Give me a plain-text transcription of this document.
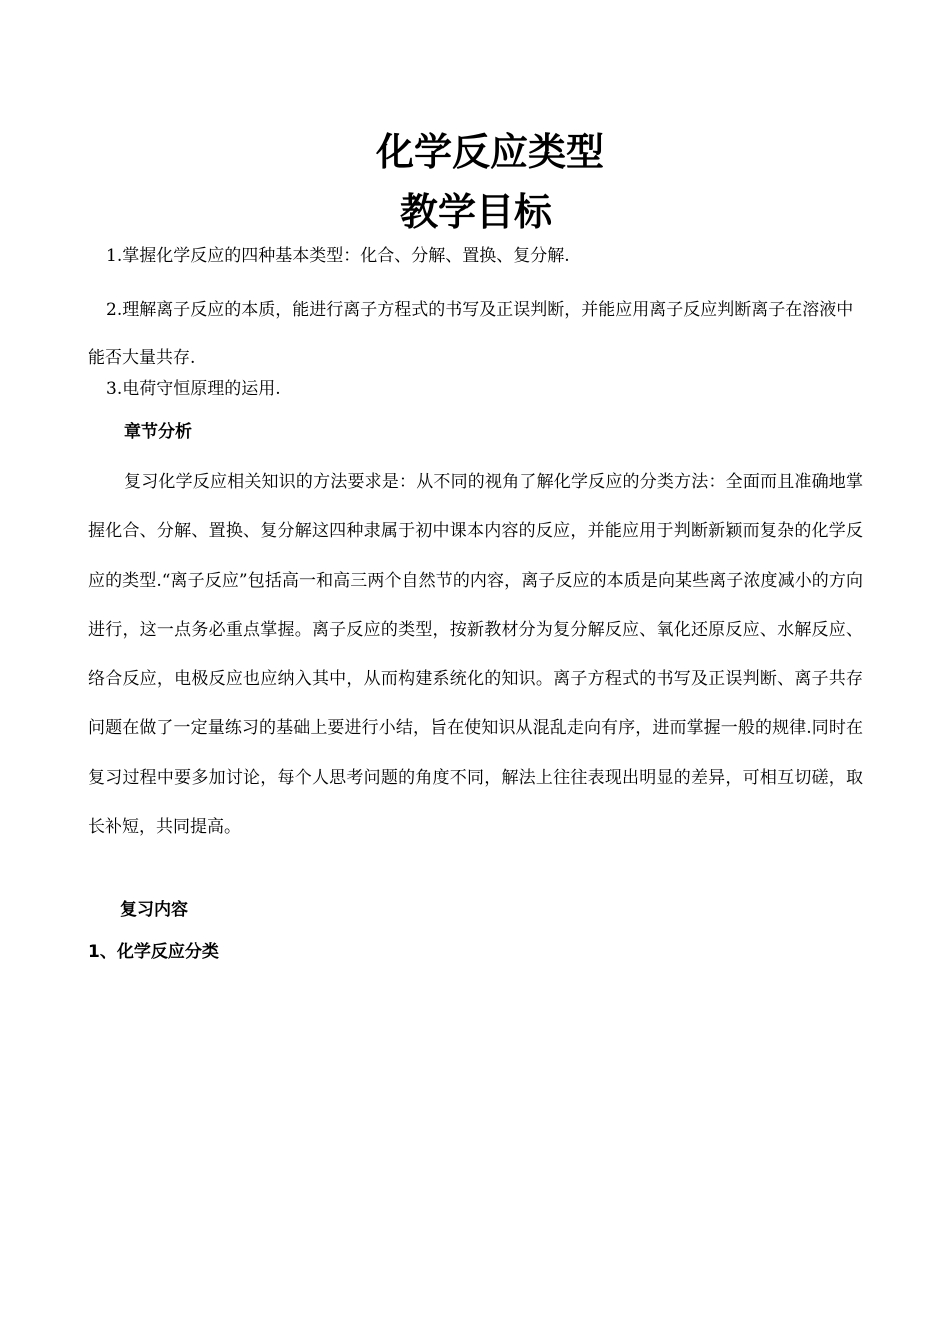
化学反应类型
教学目标

1.掌握化学反应的四种基本类型：化合、分解、置换、复分解.

2.理解离子反应的本质，能进行离子方程式的书写及正误判断，并能应用离子反应判断离子在溶液中能否大量共存.

3.电荷守恒原理的运用.

章节分析

复习化学反应相关知识的方法要求是：从不同的视角了解化学反应的分类方法：全面而且准确地掌握化合、分解、置换、复分解这四种隶属于初中课本内容的反应，并能应用于判断新颖而复杂的化学反应的类型.“离子反应”包括高一和高三两个自然节的内容，离子反应的本质是向某些离子浓度减小的方向进行，这一点务必重点掌握。离子反应的类型，按新教材分为复分解反应、氧化还原反应、水解反应、络合反应，电极反应也应纳入其中，从而构建系统化的知识。离子方程式的书写及正误判断、离子共存问题在做了一定量练习的基础上要进行小结，旨在使知识从混乱走向有序，进而掌握一般的规律.同时在复习过程中要多加讨论，每个人思考问题的角度不同，解法上往往表现出明显的差异，可相互切磋，取长补短，共同提高。

复习内容
1、化学反应分类
